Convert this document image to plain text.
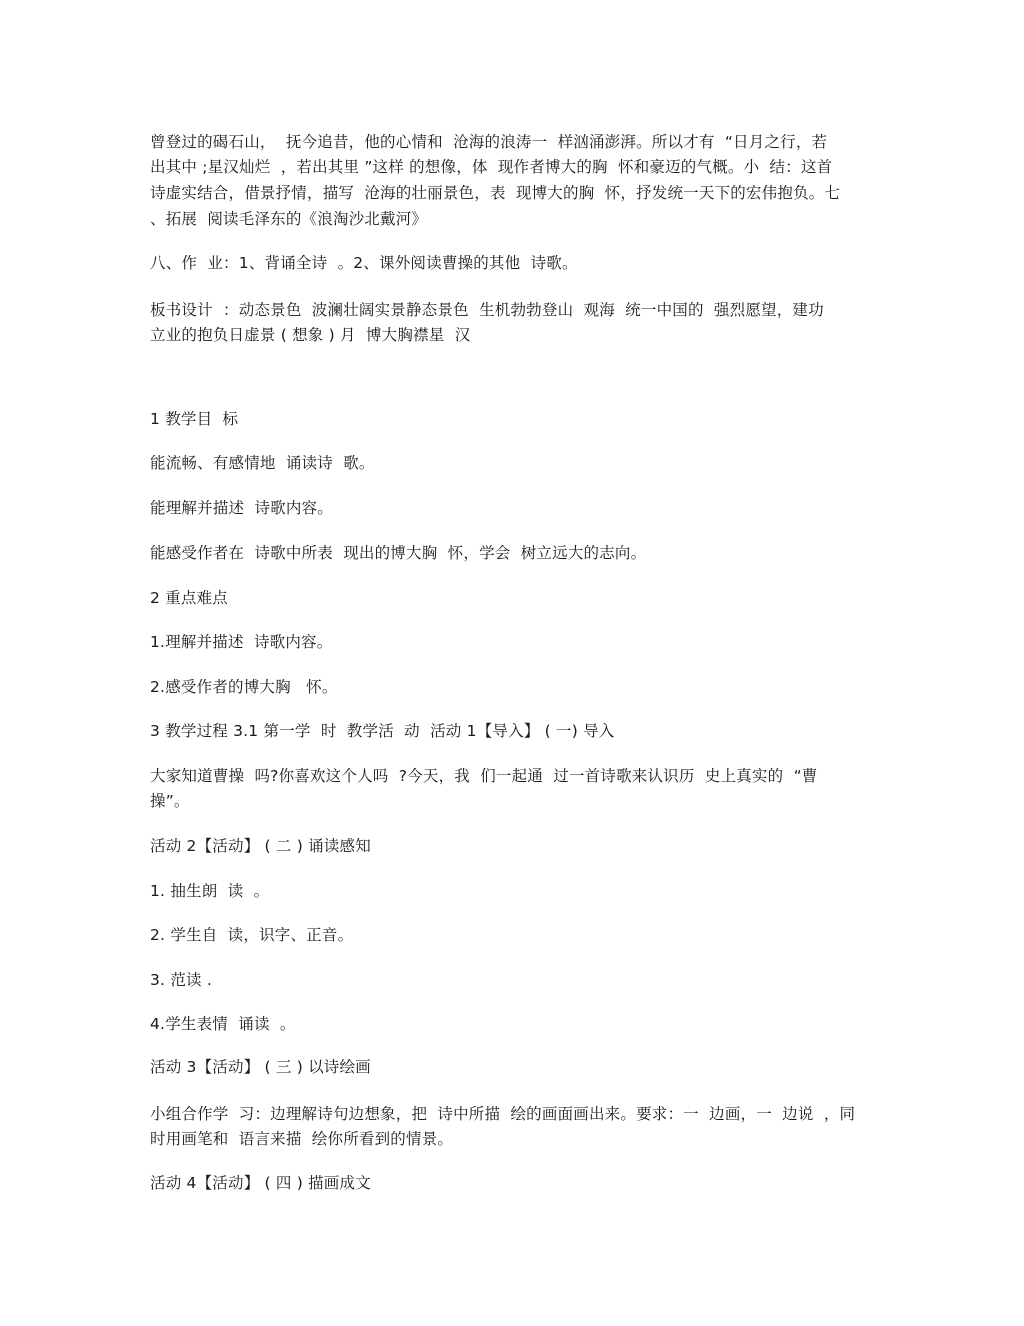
曾登过的碣石山，  抚今追昔，他的心情和  沧海的浪涛一  样汹涌澎湃。所以才有  “日月之行，若
出其中 ;星汉灿烂  ，若出其里 ”这样 的想像，体  现作者博大的胸  怀和豪迈的气概。小  结：这首
诗虚实结合，借景抒情，描写  沧海的壮丽景色，表  现博大的胸  怀，抒发统一天下的宏伟抱负。七
、拓展  阅读毛泽东的《浪淘沙北戴河》
八、作  业：1、背诵全诗  。2、课外阅读曹操的其他  诗歌。
板书设计  ：动态景色  波澜壮阔实景静态景色  生机勃勃登山  观海  统一中国的  强烈愿望，建功
立业的抱负日虚景 ( 想象 ) 月  博大胸襟星  汉
1 教学目  标
能流畅、有感情地  诵读诗  歌。
能理解并描述  诗歌内容。
能感受作者在  诗歌中所表  现出的博大胸  怀，学会  树立远大的志向。
2 重点难点
1.理解并描述  诗歌内容。
2.感受作者的博大胸   怀。
3 教学过程 3.1 第一学  时  教学活  动  活动 1【导入】 ( 一) 导入
大家知道曹操  吗?你喜欢这个人吗  ?今天，我  们一起通  过一首诗歌来认识历  史上真实的  “曹
操”。
活动 2【活动】 ( 二 ) 诵读感知
1. 抽生朗  读  。
2. 学生自  读，识字、正音。
3. 范读 .
4.学生表情  诵读  。
活动 3【活动】 ( 三 ) 以诗绘画
小组合作学  习：边理解诗句边想象，把  诗中所描  绘的画面画出来。要求：一  边画，一  边说  ，同
时用画笔和  语言来描  绘你所看到的情景。
活动 4【活动】 ( 四 ) 描画成文
